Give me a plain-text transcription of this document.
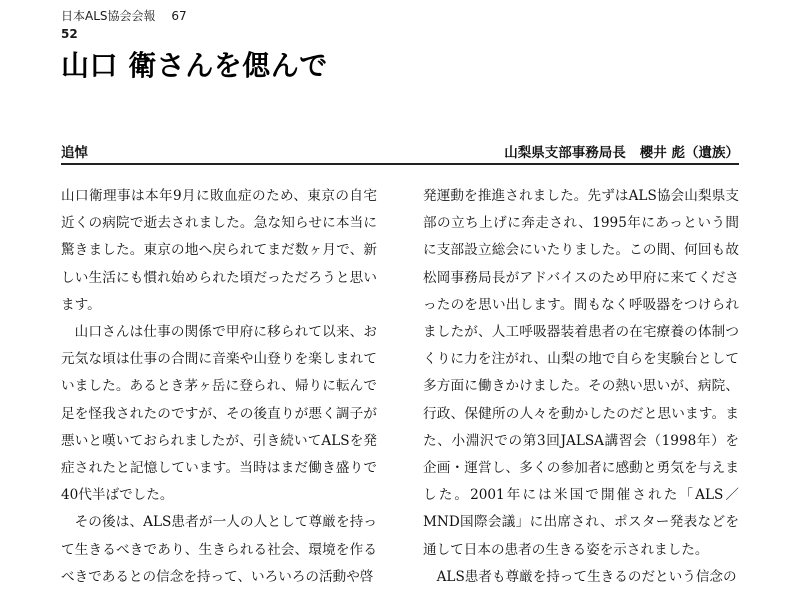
日本ALS協会会報 67
52
山口 衛さんを偲んで
追悼	山梨県支部事務局長 櫻井 彪（遺族）

山口衛理事は本年9月に敗血症のため、東京の自宅近くの病院で逝去されました。急な知らせに本当に驚きました。東京の地へ戻られてまだ数ヶ月で、新しい生活にも慣れ始められた頃だっただろうと思います。

山口さんは仕事の関係で甲府に移られて以来、お元気な頃は仕事の合間に音楽や山登りを楽しまれていました。あるとき茅ヶ岳に登られ、帰りに転んで足を怪我されたのですが、その後直りが悪く調子が悪いと嘆いておられましたが、引き続いてALSを発症されたと記憶しています。当時はまだ働き盛りで40代半ばでした。

その後は、ALS患者が一人の人として尊厳を持って生きるべきであり、生きられる社会、環境を作るべきであるとの信念を持って、いろいろの活動や啓

発運動を推進されました。先ずはALS協会山梨県支部の立ち上げに奔走され、1995年にあっという間に支部設立総会にいたりました。この間、何回も故松岡事務局長がアドバイスのため甲府に来てくださったのを思い出します。間もなく呼吸器をつけられましたが、人工呼吸器装着患者の在宅療養の体制つくりに力を注がれ、山梨の地で自らを実験台として多方面に働きかけました。その熱い思いが、病院、行政、保健所の人々を動かしたのだと思います。また、小淵沢での第3回JALSA講習会（1998年）を企画・運営し、多くの参加者に感動と勇気を与えました。2001年には米国で開催された「ALS／MND国際会議」に出席され、ポスター発表などを通して日本の患者の生きる姿を示されました。

ALS患者も尊厳を持って生きるのだという信念の
